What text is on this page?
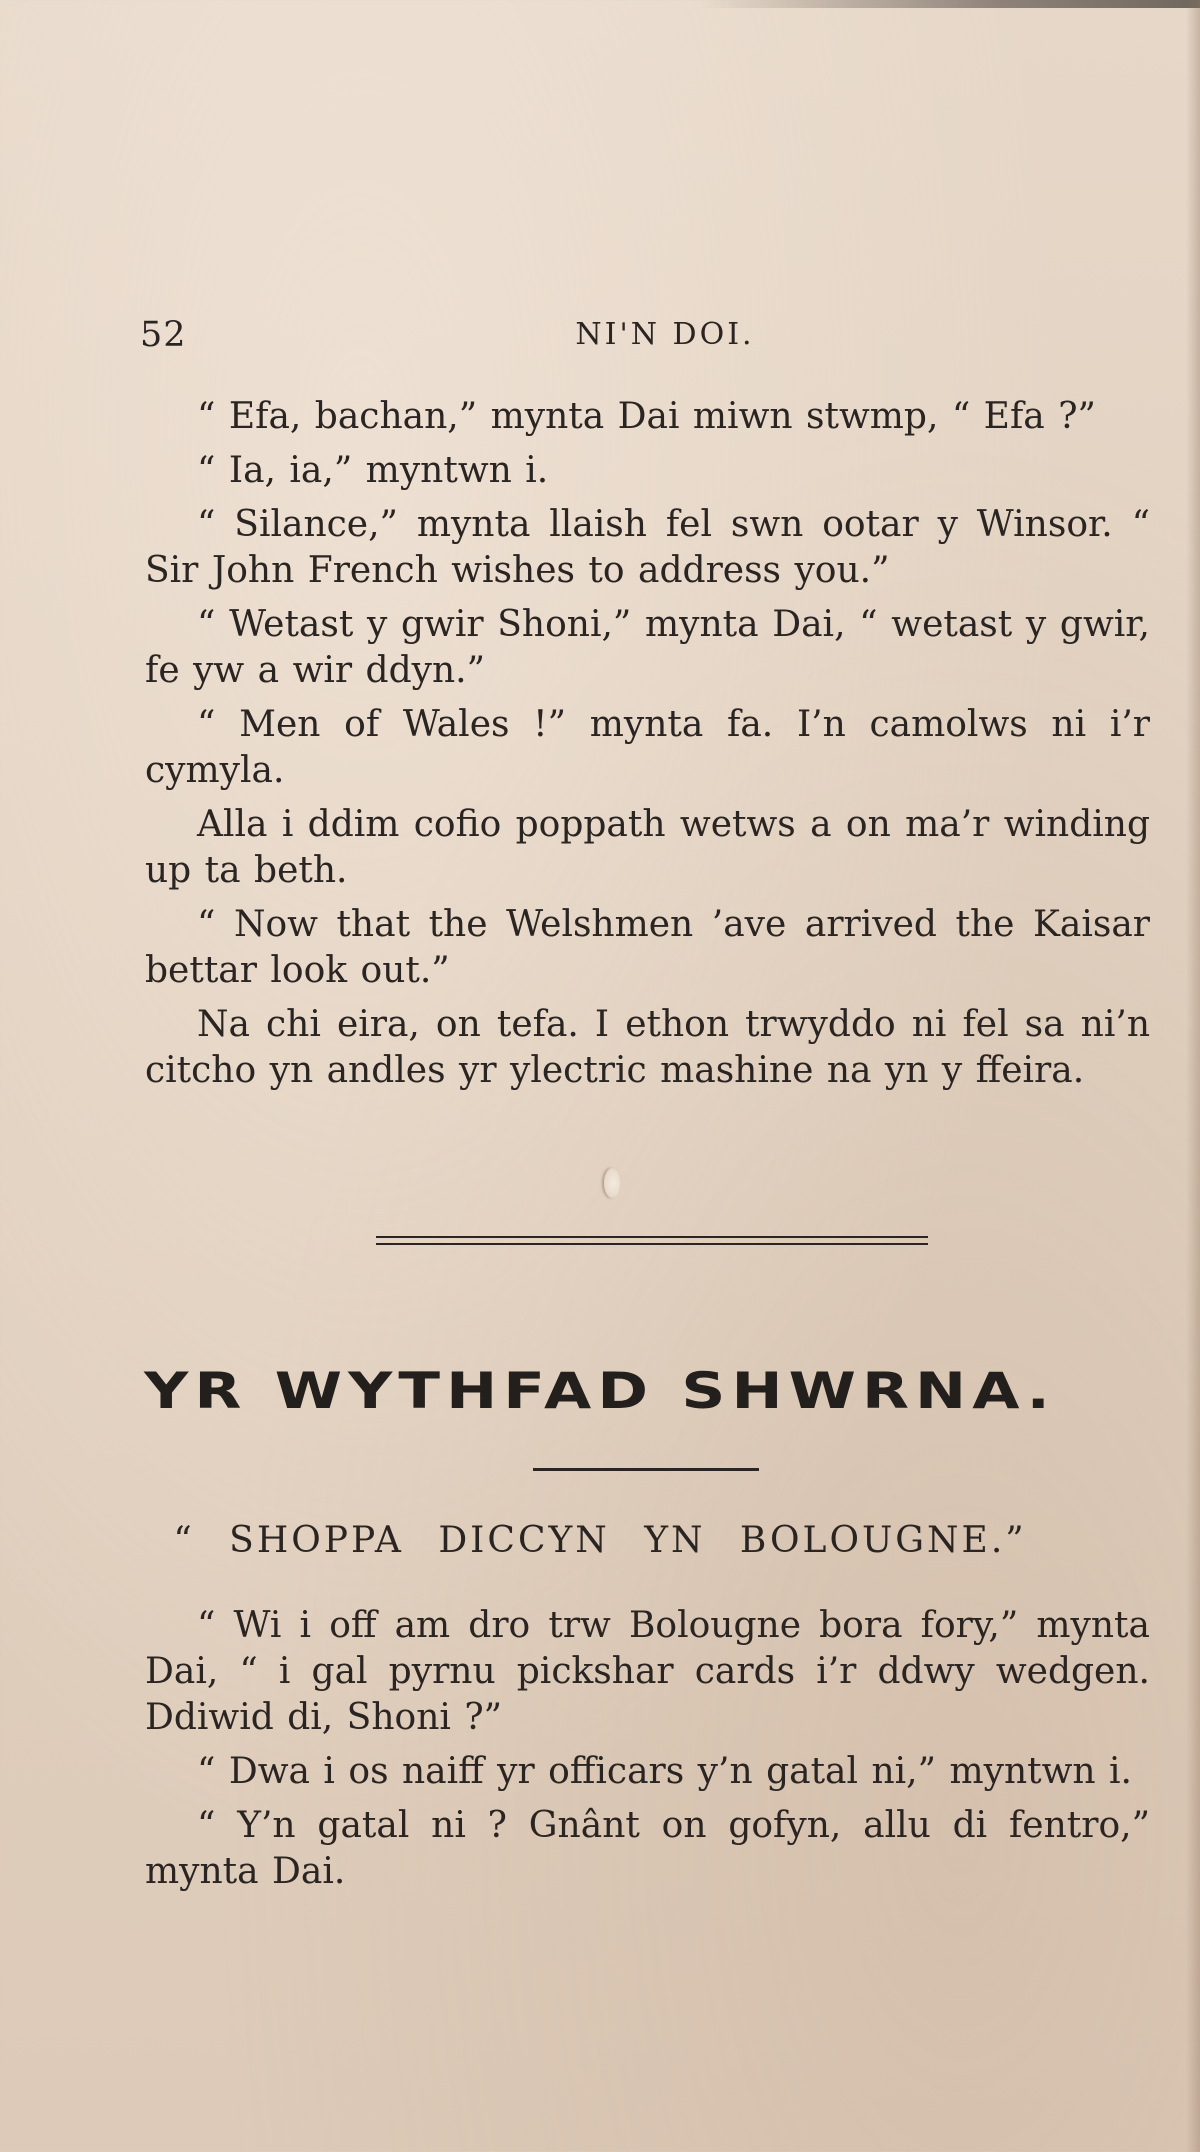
52	NI'N DOI.

“ Efa, bachan,” mynta Dai miwn stwmp, “ Efa ?”

“ Ia, ia,” myntwn i.

“ Silance,” mynta llaish fel swn ootar y Winsor. “ Sir John French wishes to address you.”

“ Wetast y gwir Shoni,” mynta Dai, “ wetast y gwir, fe yw a wir ddyn.”

“ Men of Wales !” mynta fa. I’n camolws ni i’r cymyla.

Alla i ddim cofio poppath wetws a on ma’r winding up ta beth.

“ Now that the Welshmen ’ave arrived the Kaisar bettar look out.”

Na chi eira, on tefa. I ethon trwyddo ni fel sa ni’n citcho yn andles yr ylectric mashine na yn y ffeira.

YR WYTHFAD SHWRNA.
“ SHOPPA DICCYN YN BOLOUGNE.”

“ Wi i off am dro trw Bolougne bora fory,” mynta Dai, “ i gal pyrnu pickshar cards i’r ddwy wedgen. Ddiwid di, Shoni ?”

“ Dwa i os naiff yr officars y’n gatal ni,” myntwn i.

“ Y’n gatal ni ? Gnânt on gofyn, allu di fentro,” mynta Dai.
